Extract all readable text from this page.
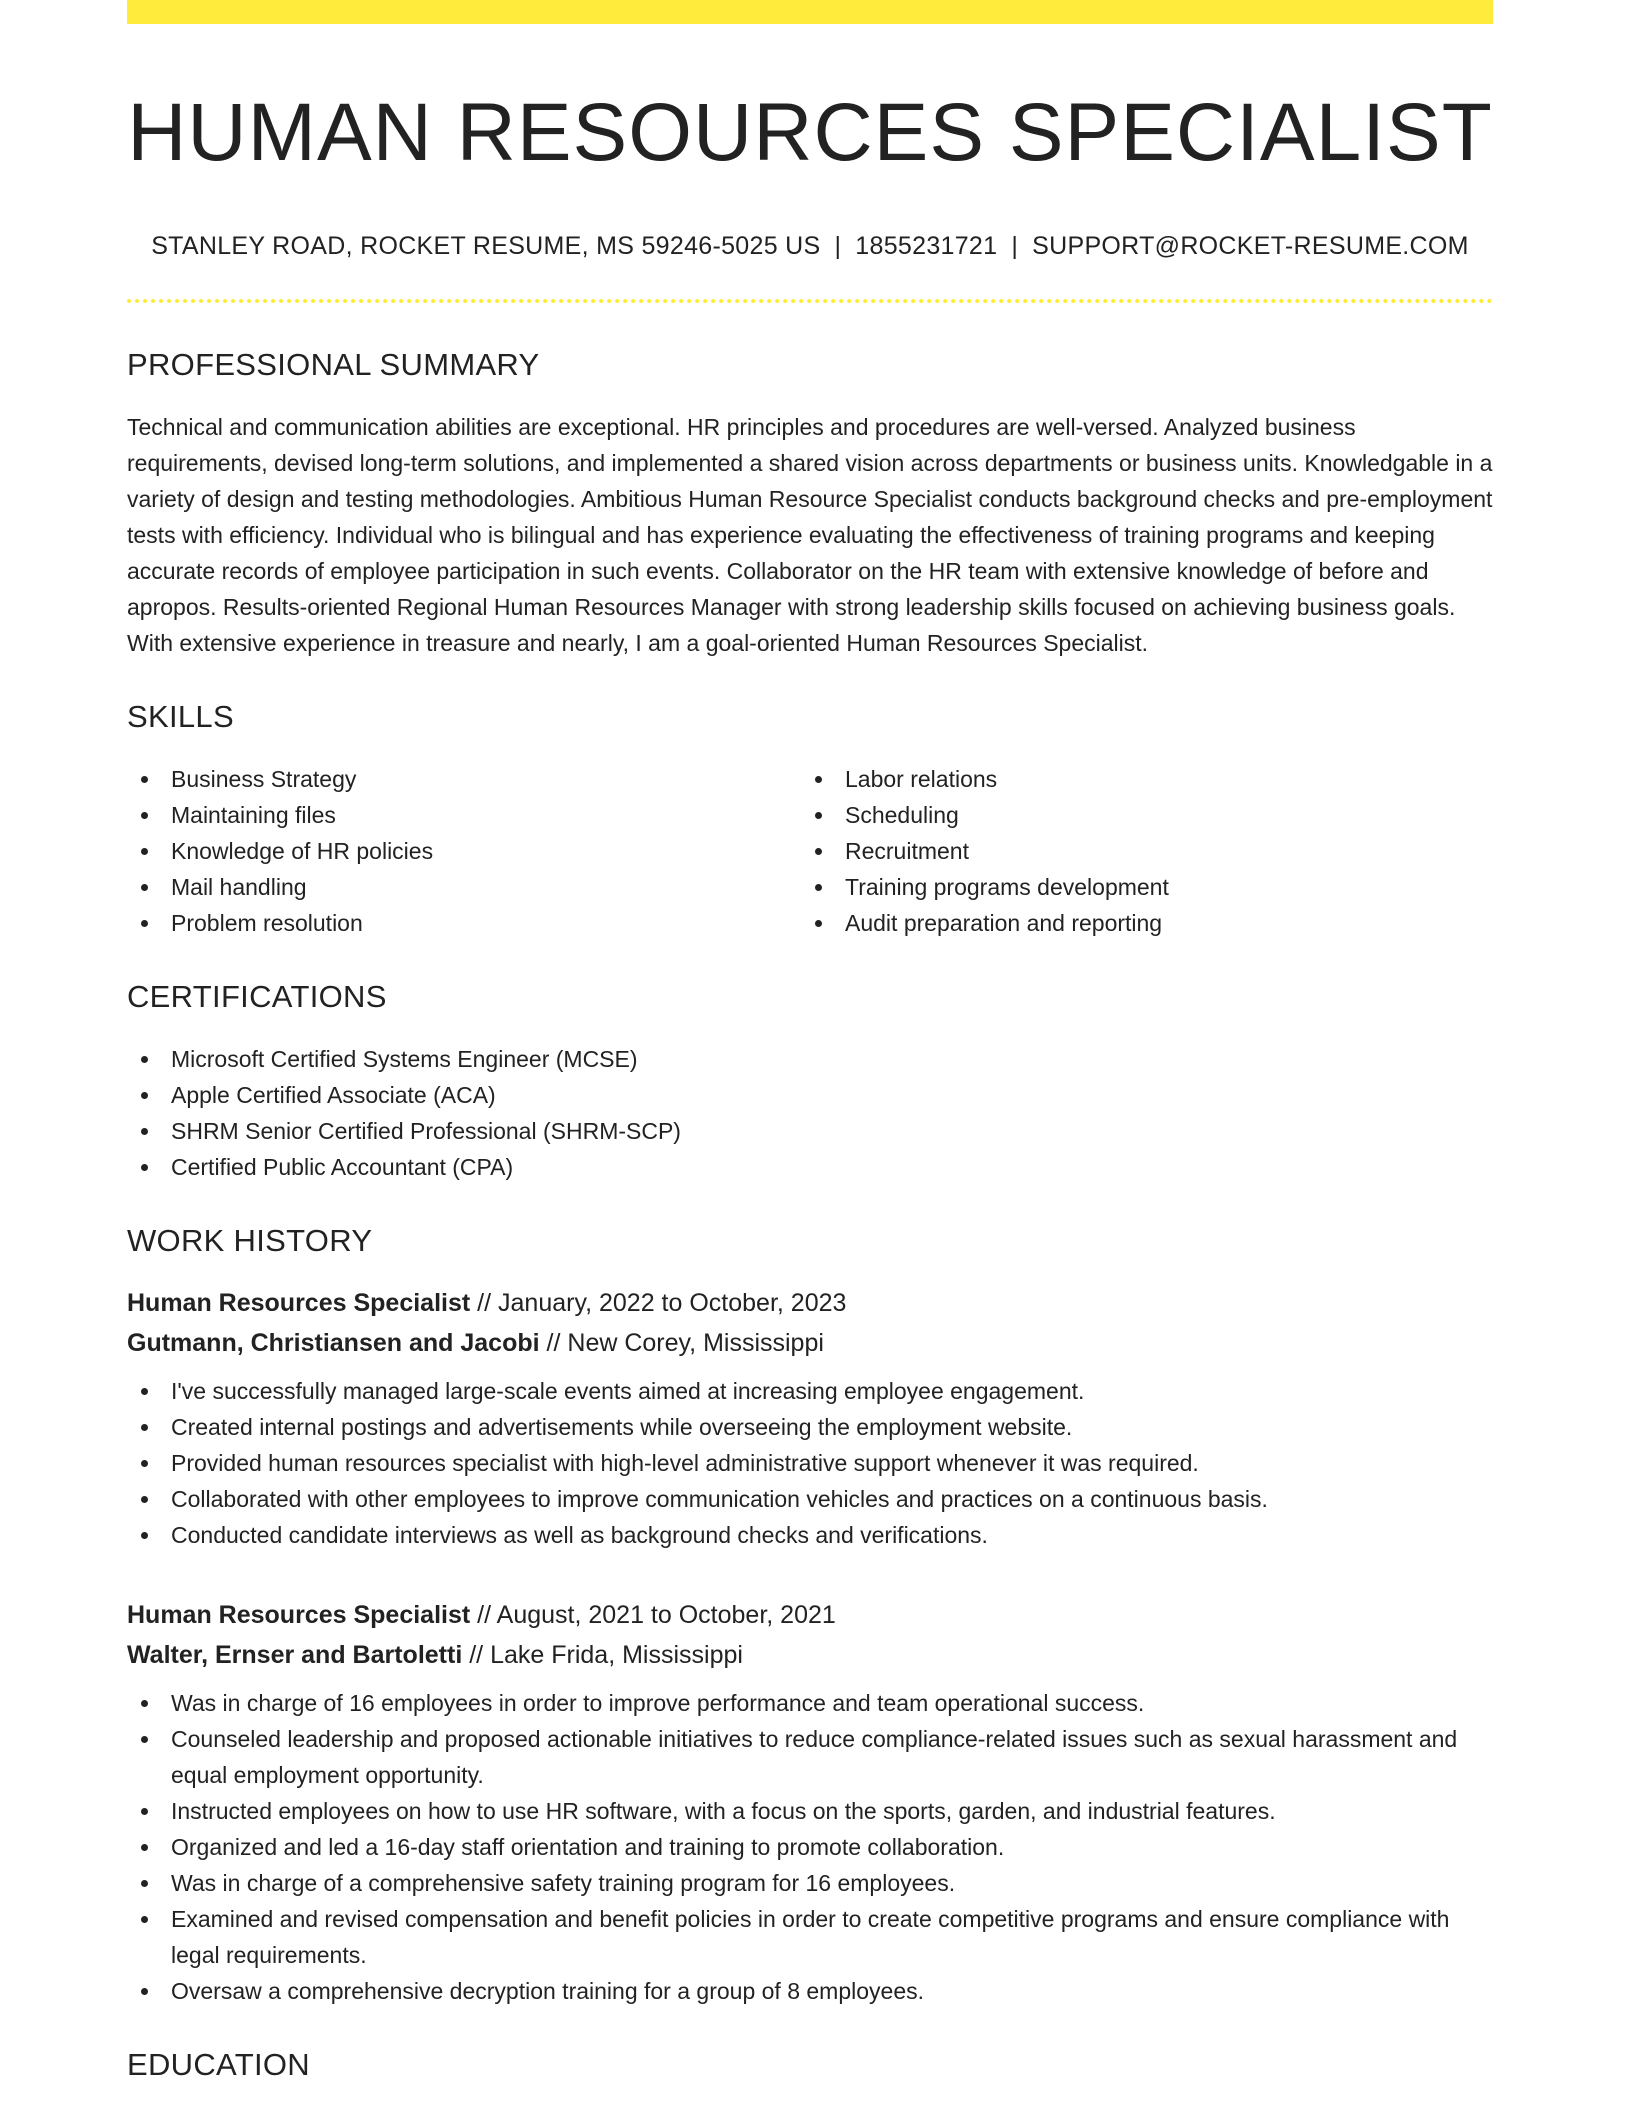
HUMAN RESOURCES SPECIALIST
STANLEY ROAD, ROCKET RESUME, MS 59246-5025 US | 1855231721 | SUPPORT@ROCKET-RESUME.COM
PROFESSIONAL SUMMARY

Technical and communication abilities are exceptional. HR principles and procedures are well-versed. Analyzed business requirements, devised long-term solutions, and implemented a shared vision across departments or business units. Knowledgable in a variety of design and testing methodologies. Ambitious Human Resource Specialist conducts background checks and pre-employment tests with efficiency. Individual who is bilingual and has experience evaluating the effectiveness of training programs and keeping accurate records of employee participation in such events. Collaborator on the HR team with extensive knowledge of before and apropos. Results-oriented Regional Human Resources Manager with strong leadership skills focused on achieving business goals. With extensive experience in treasure and nearly, I am a goal-oriented Human Resources Specialist.

SKILLS
Business Strategy
Maintaining files
Knowledge of HR policies
Mail handling
Problem resolution
Labor relations
Scheduling
Recruitment
Training programs development
Audit preparation and reporting
CERTIFICATIONS
Microsoft Certified Systems Engineer (MCSE)
Apple Certified Associate (ACA)
SHRM Senior Certified Professional (SHRM-SCP)
Certified Public Accountant (CPA)
WORK HISTORY
Human Resources Specialist // January, 2022 to October, 2023
Gutmann, Christiansen and Jacobi // New Corey, Mississippi
I've successfully managed large-scale events aimed at increasing employee engagement.
Created internal postings and advertisements while overseeing the employment website.
Provided human resources specialist with high-level administrative support whenever it was required.
Collaborated with other employees to improve communication vehicles and practices on a continuous basis.
Conducted candidate interviews as well as background checks and verifications.
Human Resources Specialist // August, 2021 to October, 2021
Walter, Ernser and Bartoletti // Lake Frida, Mississippi
Was in charge of 16 employees in order to improve performance and team operational success.
Counseled leadership and proposed actionable initiatives to reduce compliance-related issues such as sexual harassment and equal employment opportunity.
Instructed employees on how to use HR software, with a focus on the sports, garden, and industrial features.
Organized and led a 16-day staff orientation and training to promote collaboration.
Was in charge of a comprehensive safety training program for 16 employees.
Examined and revised compensation and benefit policies in order to create competitive programs and ensure compliance with legal requirements.
Oversaw a comprehensive decryption training for a group of 8 employees.
EDUCATION
